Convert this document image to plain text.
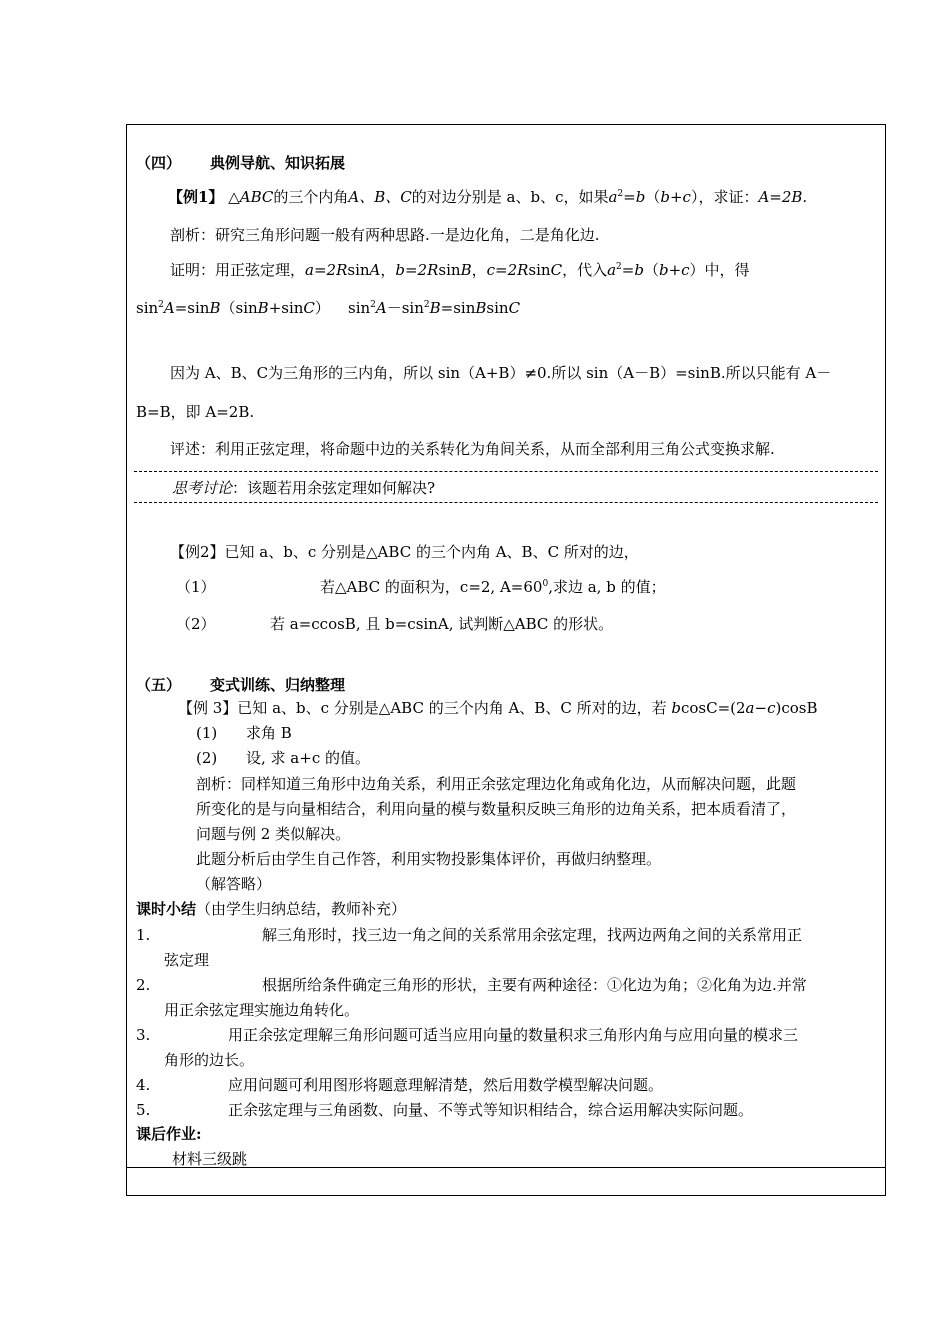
（四） 典例导航、知识拓展
【例1】 △ABC的三个内角A、B、C的对边分别是 a、b、c，如果$a^2=b(b+c)$，求证：A=2B.
剖析：研究三角形问题一般有两种思路.一是边化角，二是角化边.
证明：用正弦定理，a=2RsinA，b=2RsinB，c=2RsinC，代入$a^2=b(b+c)$中，得
$\sin^2A=\sin B(\sin B+\sin C)$ $\sin^2A-\sin^2B=sinBsinC$
因为 A、B、C为三角形的三内角，所以 sin（A+B）≠0.所以 sin（A－B）=sinB.所以只能有 A－
B=B，即 A=2B.
评述：利用正弦定理，将命题中边的关系转化为角间关系，从而全部利用三角公式变换求解.
思考讨论：该题若用余弦定理如何解决?
【例2】已知 a、b、c 分别是△ABC 的三个内角 A、B、C 所对的边，
（1）	若△ABC 的面积为，c=2, $A=60^0$,求边 a, b 的值；
（2）	若 a=ccosB, 且 b=csinA, 试判断△ABC 的形状。
（五） 变式训练、归纳整理
【例 3】已知 a、b、c 分别是△ABC 的三个内角 A、B、C 所对的边，若 bcosC=(2a−c)cosB
(1) 求角 B
(2) 设, 求 a+c 的值。
剖析：同样知道三角形中边角关系，利用正余弦定理边化角或角化边，从而解决问题，此题
所变化的是与向量相结合，利用向量的模与数量积反映三角形的边角关系，把本质看清了，
问题与例 2 类似解决。
此题分析后由学生自己作答，利用实物投影集体评价，再做归纳整理。
（解答略）
课时小结（由学生归纳总结，教师补充）
1.	解三角形时，找三边一角之间的关系常用余弦定理，找两边两角之间的关系常用正
弦定理
2.	根据所给条件确定三角形的形状，主要有两种途径：①化边为角；②化角为边.并常
用正余弦定理实施边角转化。
3.	用正余弦定理解三角形问题可适当应用向量的数量积求三角形内角与应用向量的模求三
角形的边长。
4.	应用问题可利用图形将题意理解清楚，然后用数学模型解决问题。
5.	正余弦定理与三角函数、向量、不等式等知识相结合，综合运用解决实际问题。
课后作业:
材料三级跳
